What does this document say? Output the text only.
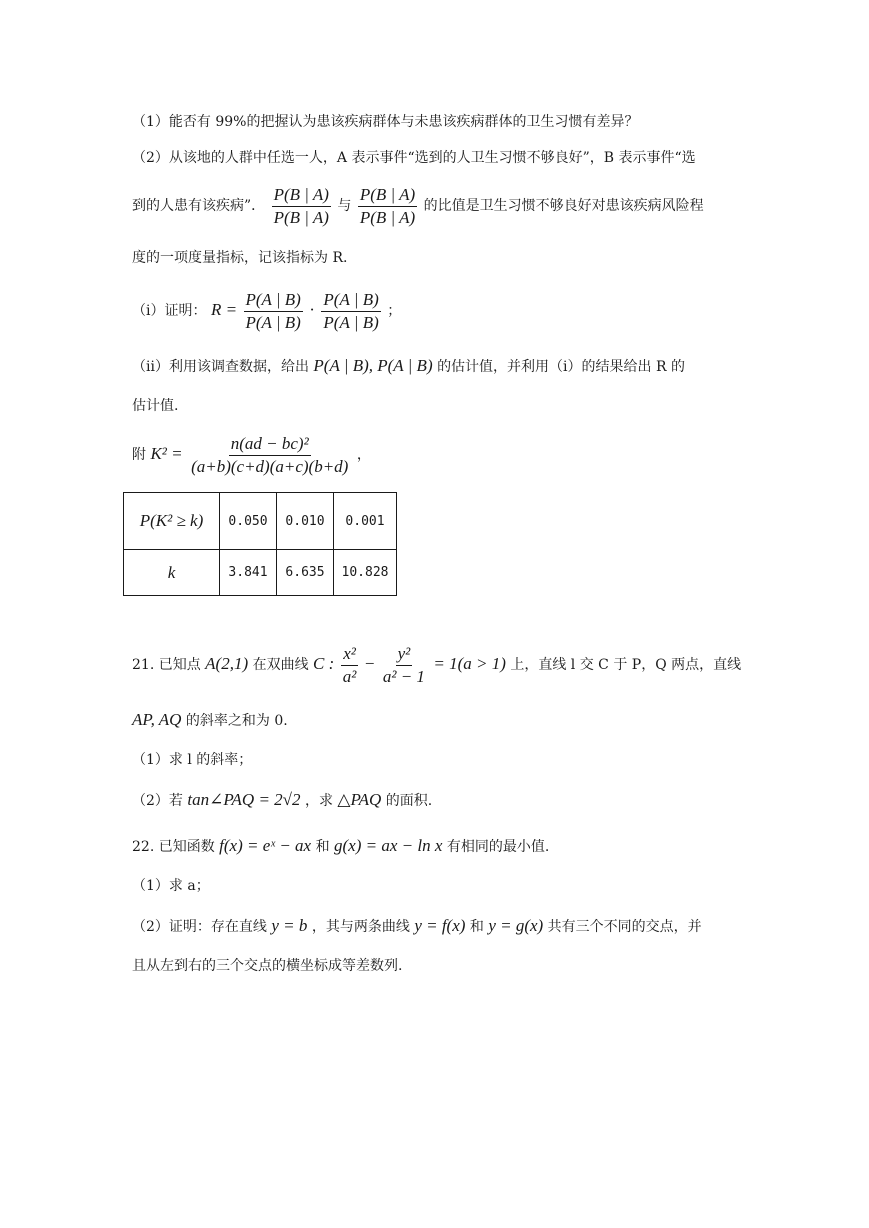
（1）能否有 99%的把握认为患该疾病群体与未患该疾病群体的卫生习惯有差异？
（2）从该地的人群中任选一人，A 表示事件“选到的人卫生习惯不够良好”，B 表示事件“选
到的人患有该疾病”． $\frac{P(B | A)}{P(B | A)}$ 与 $\frac{P(B | A)}{P(B | A)}$ 的比值是卫生习惯不够良好对患该疾病风险程
度的一项度量指标，记该指标为 R.
（ⅰ）证明： $R = \frac{P(A | B)}{P(A | B)} \cdot \frac{P(A | B)}{P(A | B)}$ ；
（ⅱ）利用该调查数据，给出 P(A | B), P(A | B) 的估计值，并利用（ⅰ）的结果给出 R 的
估计值.
附 $K^2 = \frac{\text{n(ad − bc)²}}{(a+b)(c+d)(a+c)(b+d)}$ ，
P(K² ≥ k)	0.050	0.010	0.001
k	3.841	6.635	10.828
21. 已知点 A(2,1) 在双曲线 C : $\frac{\text{x²}}{\text{a²}} - \frac{\text{y²}}{\text{a² − 1}} = 1(a > 1)$ 上，直线 l 交 C 于 P，Q 两点，直线
AP, AQ 的斜率之和为 0.
（1）求 l 的斜率；
（2）若 tan∠PAQ = 2√2 ，求 △PAQ 的面积.
22. 已知函数 f(x) = eˣ − ax 和 g(x) = ax − ln x 有相同的最小值.
（1）求 a；
（2）证明：存在直线 y = b ，其与两条曲线 y = f(x) 和 y = g(x) 共有三个不同的交点，并
且从左到右的三个交点的横坐标成等差数列.
